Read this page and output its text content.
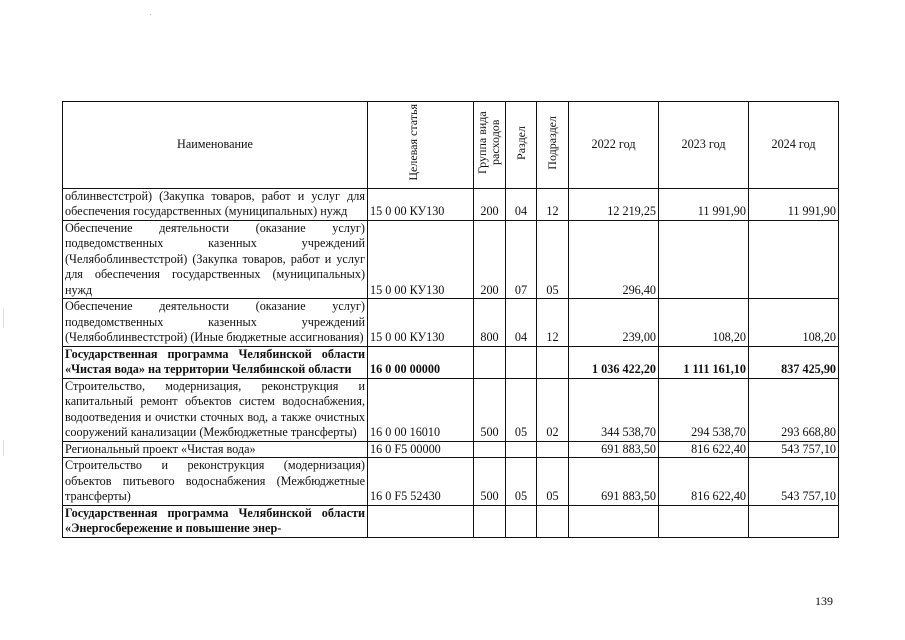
Наименование	Целевая статья	Группа вида расходов	Раздел	Подраздел	2022 год	2023 год	2024 год
облинвестстрой) (Закупка товаров, работ и услуг для обеспечения государственных (муниципальных) нужд	15 0 00 КУ130	200	04	12	12 219,25	11 991,90	11 991,90
Обеспечение деятельности (оказание услуг) подведомственных казенных учреждений (Челябоблинвестстрой) (Закупка товаров, работ и услуг для обеспечения государственных (муниципальных) нужд	15 0 00 КУ130	200	07	05	296,40		
Обеспечение деятельности (оказание услуг) подведомственных казенных учреждений (Челябоблинвестстрой) (Иные бюджетные ассигнования)	15 0 00 КУ130	800	04	12	239,00	108,20	108,20
Государственная программа Челябинской области «Чистая вода» на территории Челябинской области	16 0 00 00000				1 036 422,20	1 111 161,10	837 425,90
Строительство, модернизация, реконструкция и капитальный ремонт объектов систем водоснабжения, водоотведения и очистки сточных вод, а также очистных сооружений канализации (Межбюджетные трансферты)	16 0 00 16010	500	05	02	344 538,70	294 538,70	293 668,80
Региональный проект «Чистая вода»	16 0 F5 00000				691 883,50	816 622,40	543 757,10
Строительство и реконструкция (модернизация) объектов питьевого водоснабжения (Межбюджетные трансферты)	16 0 F5 52430	500	05	05	691 883,50	816 622,40	543 757,10
Государственная программа Челябинской области «Энергосбережение и повышение энер-							
139
